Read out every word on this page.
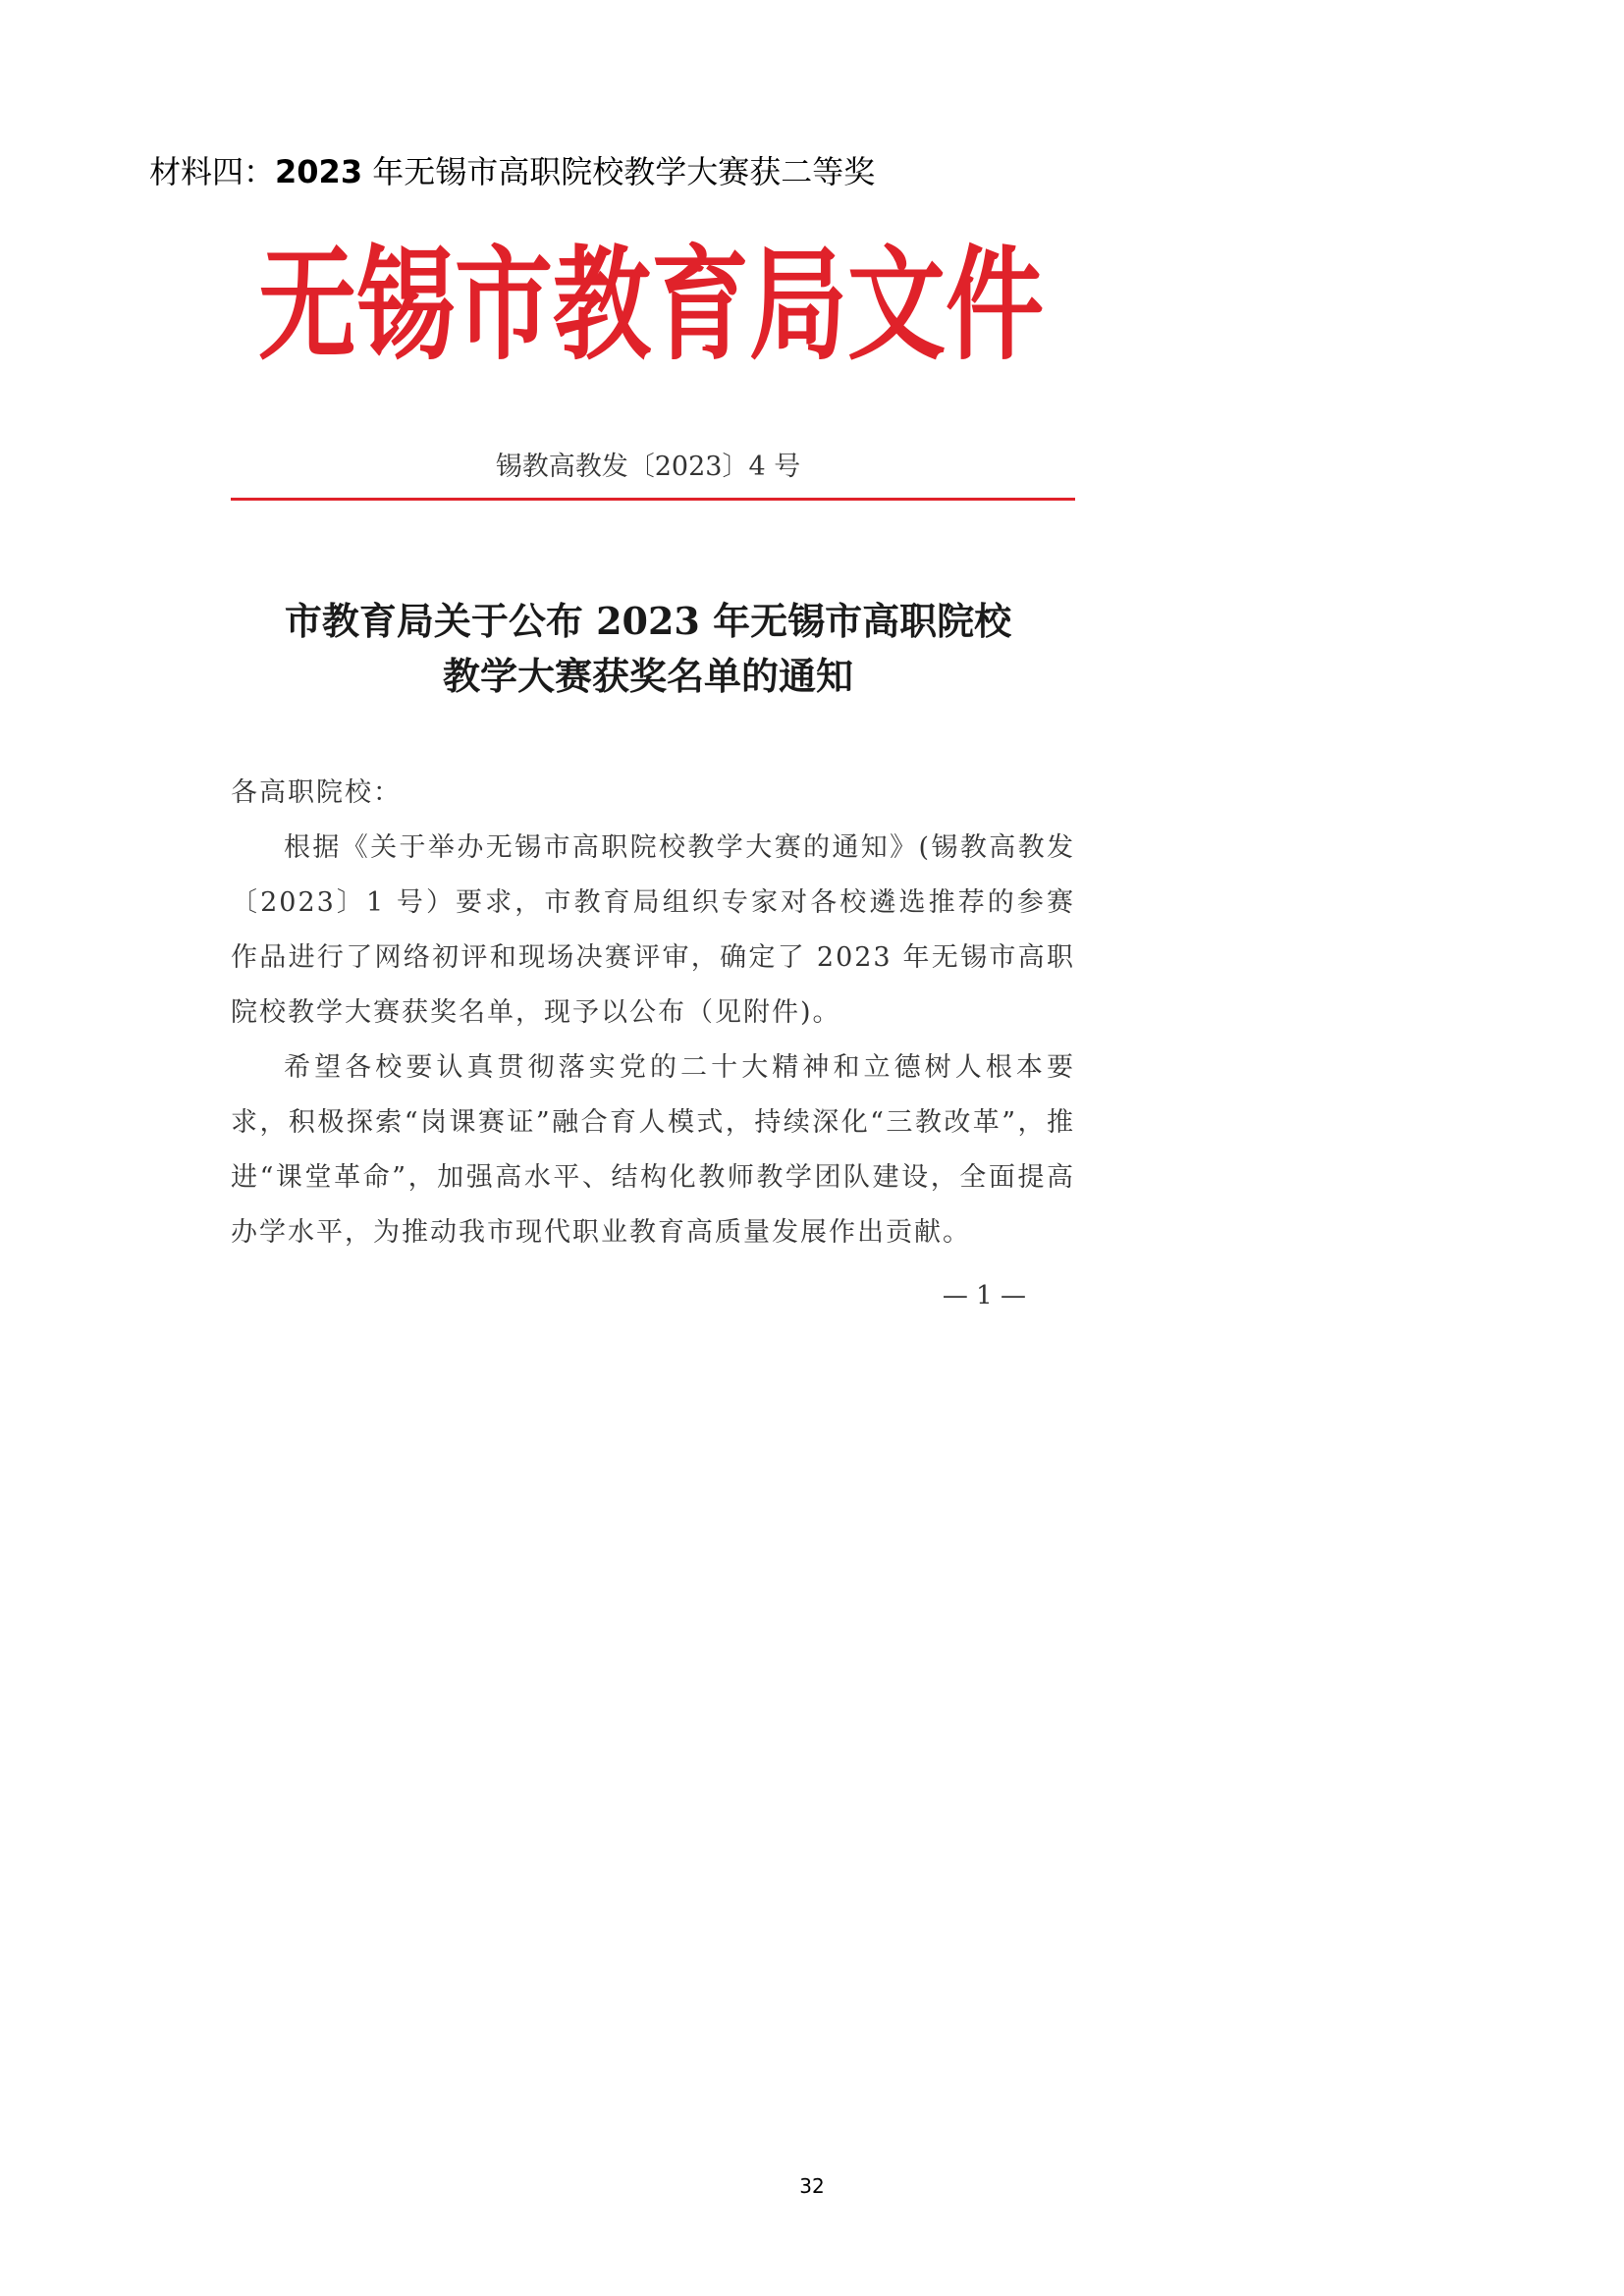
材料四：2023 年无锡市高职院校教学大赛获二等奖
无 锡 市 教 育 局 文 件
锡教高教发〔2023〕4 号
市教育局关于公布 2023 年无锡市高职院校
教学大赛获奖名单的通知

各高职院校：

根据《关于举办无锡市高职院校教学大赛的通知》(锡教高教发〔2023〕1 号）要求，市教育局组织专家对各校遴选推荐的参赛作品进行了网络初评和现场决赛评审，确定了 2023 年无锡市高职院校教学大赛获奖名单，现予以公布（见附件)。

希望各校要认真贯彻落实党的二十大精神和立德树人根本要求，积极探索“岗课赛证”融合育人模式，持续深化“三教改革”，推进“课堂革命”，加强高水平、结构化教师教学团队建设，全面提高办学水平，为推动我市现代职业教育高质量发展作出贡献。

— 1 —
32
